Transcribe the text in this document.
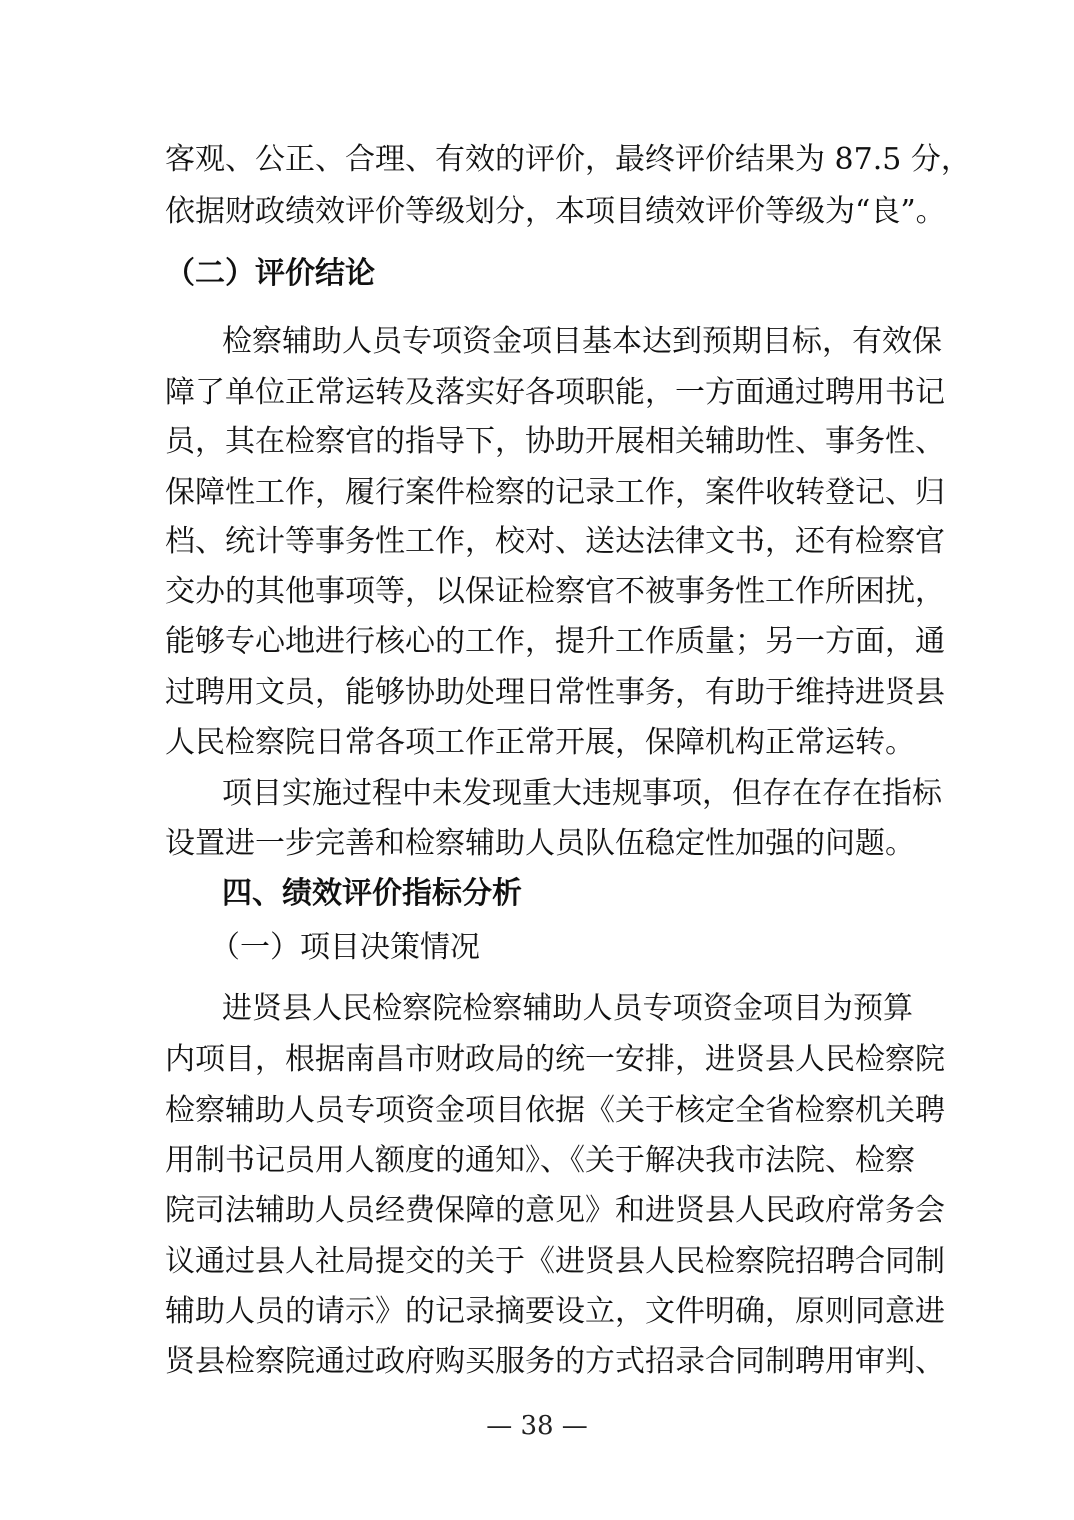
客观、公正、合理、有效的评价，最终评价结果为 87.5 分，
依据财政绩效评价等级划分，本项目绩效评价等级为“良”。
（二）评价结论
检察辅助人员专项资金项目基本达到预期目标，有效保
障了单位正常运转及落实好各项职能，一方面通过聘用书记
员，其在检察官的指导下，协助开展相关辅助性、事务性、
保障性工作，履行案件检察的记录工作，案件收转登记、归
档、统计等事务性工作，校对、送达法律文书，还有检察官
交办的其他事项等，以保证检察官不被事务性工作所困扰，
能够专心地进行核心的工作，提升工作质量；另一方面，通
过聘用文员，能够协助处理日常性事务，有助于维持进贤县
人民检察院日常各项工作正常开展，保障机构正常运转。
项目实施过程中未发现重大违规事项，但存在存在指标
设置进一步完善和检察辅助人员队伍稳定性加强的问题。
四、绩效评价指标分析
（一）项目决策情况
进贤县人民检察院检察辅助人员专项资金项目为预算
内项目，根据南昌市财政局的统一安排，进贤县人民检察院
检察辅助人员专项资金项目依据《关于核定全省检察机关聘
用制书记员用人额度的通知》、《关于解决我市法院、检察
院司法辅助人员经费保障的意见》和进贤县人民政府常务会
议通过县人社局提交的关于《进贤县人民检察院招聘合同制
辅助人员的请示》的记录摘要设立，文件明确，原则同意进
贤县检察院通过政府购买服务的方式招录合同制聘用审判、
— 38 —
